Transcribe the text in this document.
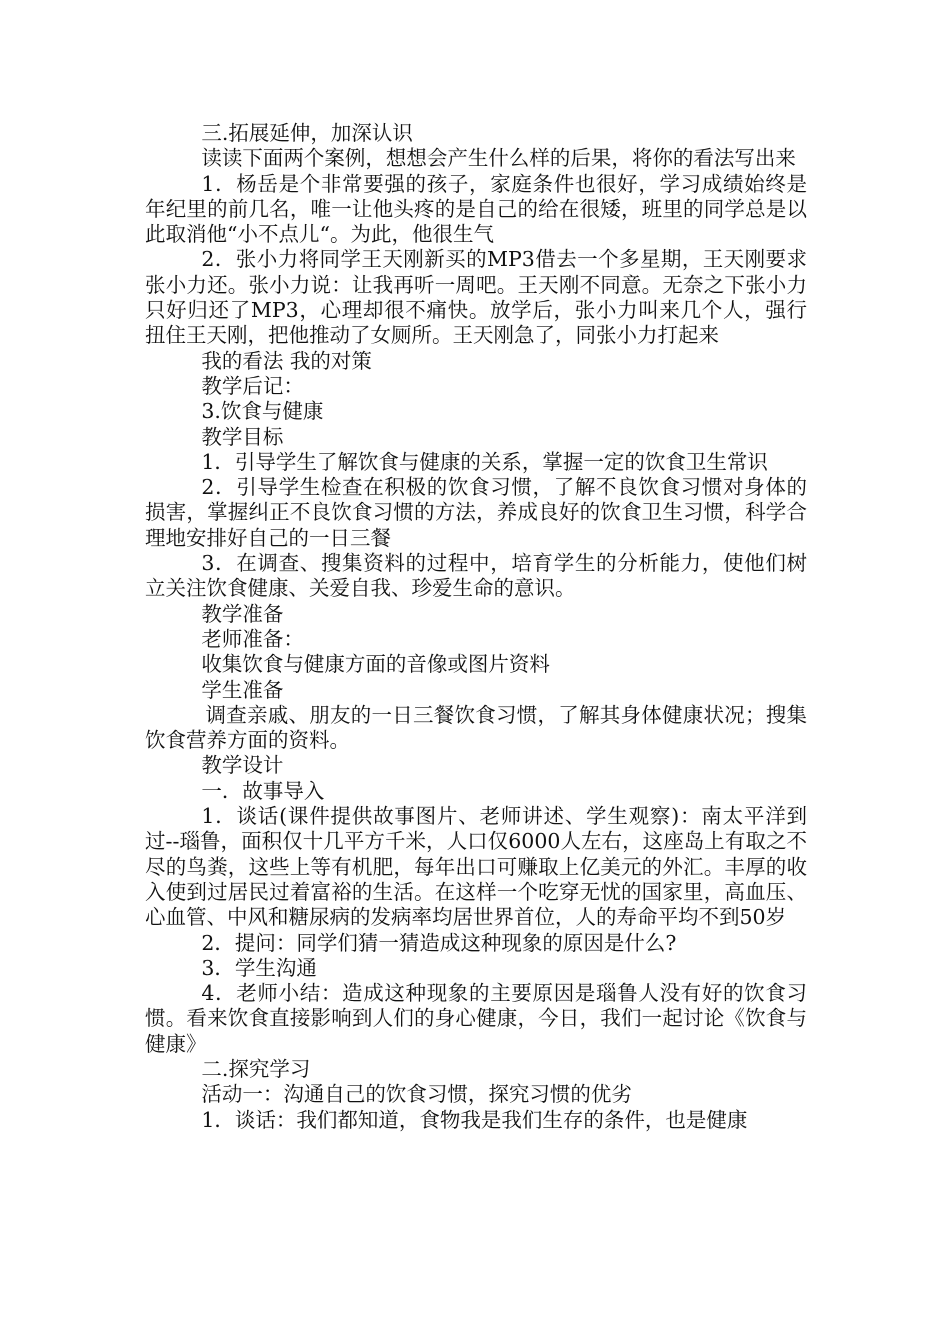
三.拓展延伸，加深认识

读读下面两个案例，想想会产生什么样的后果，将你的看法写出来

1．杨岳是个非常要强的孩子，家庭条件也很好，学习成绩始终是年纪里的前几名，唯一让他头疼的是自己的给在很矮，班里的同学总是以此取消他“小不点儿“。为此，他很生气

2．张小力将同学王天刚新买的MP3借去一个多星期，王天刚要求张小力还。张小力说：让我再听一周吧。王天刚不同意。无奈之下张小力只好归还了MP3，心理却很不痛快。放学后，张小力叫来几个人，强行扭住王天刚，把他推动了女厕所。王天刚急了，同张小力打起来

我的看法 我的对策

教学后记：

3.饮食与健康

教学目标

1．引导学生了解饮食与健康的关系，掌握一定的饮食卫生常识

2．引导学生检查在积极的饮食习惯，了解不良饮食习惯对身体的损害，掌握纠正不良饮食习惯的方法，养成良好的饮食卫生习惯，科学合理地安排好自己的一日三餐

3．在调查、搜集资料的过程中，培育学生的分析能力，使他们树立关注饮食健康、关爱自我、珍爱生命的意识。

教学准备

老师准备：

收集饮食与健康方面的音像或图片资料

学生准备

调查亲戚、朋友的一日三餐饮食习惯，了解其身体健康状况；搜集饮食营养方面的资料。

教学设计

一．故事导入

1．谈话(课件提供故事图片、老师讲述、学生观察)：南太平洋到过--瑙鲁，面积仅十几平方千米，人口仅6000人左右，这座岛上有取之不尽的鸟粪，这些上等有机肥，每年出口可赚取上亿美元的外汇。丰厚的收入使到过居民过着富裕的生活。在这样一个吃穿无忧的国家里，高血压、心血管、中风和糖尿病的发病率均居世界首位，人的寿命平均不到50岁

2．提问：同学们猜一猜造成这种现象的原因是什么?

3．学生沟通

4．老师小结：造成这种现象的主要原因是瑙鲁人没有好的饮食习惯。看来饮食直接影响到人们的身心健康，今日，我们一起讨论《饮食与健康》

二.探究学习

活动一：沟通自己的饮食习惯，探究习惯的优劣

1．谈话：我们都知道，食物我是我们生存的条件，也是健康
